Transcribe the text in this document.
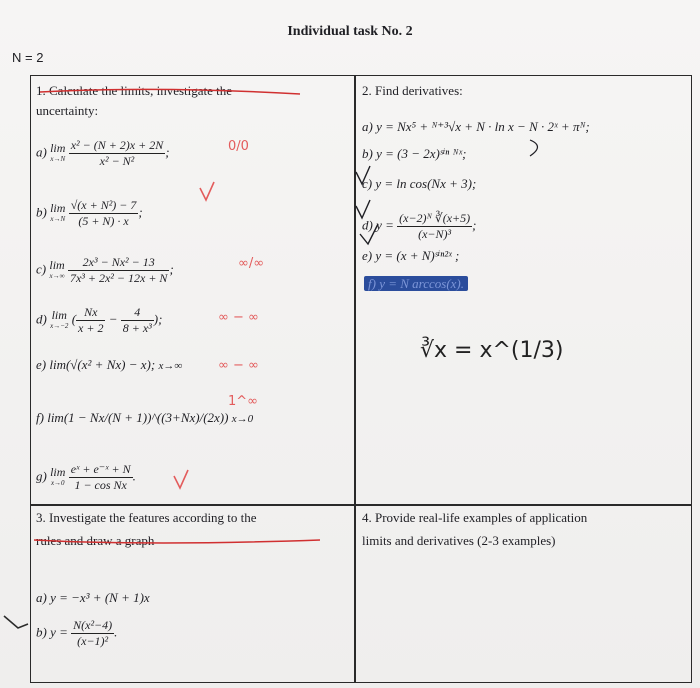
Individual task No. 2
N = 2
1. Calculate the limits, investigate the
uncertainty:
a) lim
x→N
$\frac{\text{x² − (N + 2)x + 2N}}{\text{x² − N²}}$ ;	0/0
b) lim
x→N
$\frac{\text{√(x + N²) − 7}}{(5 + N) \cdot x}$ ;
c) lim
x→∞
$\frac{\text{2x³ − Nx² − 13}}{\text{7x³ + 2x² − 12x + N}}$ ;	∞/∞
d) lim
x→−2 ( $\frac{Nx}{x + 2} - \frac{4}{\text{8 + x³}}$ );	∞ − ∞
e) lim(√(x² + Nx) − x); x→∞	∞ − ∞
f) lim(1 − Nx/(N + 1))^((3+Nx)/(2x)) x→0
1^∞
g) lim
x→0
$\frac{\text{eˣ + e⁻ˣ + N}}{\text{1 − cos Nx}}$ .
2. Find derivatives:
a) y = Nx⁵ + ᴺ⁺³√x + N · ln x − N · 2ˣ + πᴺ;
b) y = (3 − 2x)ˢⁱⁿ ᴺˣ;
c) y = ln cos(Nx + 3);
d) $y = \frac{\text{(x−2)ᴺ ∛(x+5)}}{\text{(x−N)³}}$ ;
e) y = (x + N)ˢⁱⁿ²ˣ ;
f) y = N arccos(x).
∛x = x^(1/3)
3. Investigate the features according to the
rules and draw a graph
a) y = −x³ + (N + 1)x
b) $y = \frac{\text{N(x²−4)}}{\text{(x−1)²}}$ .
4. Provide real-life examples of application
limits and derivatives (2-3 examples)
